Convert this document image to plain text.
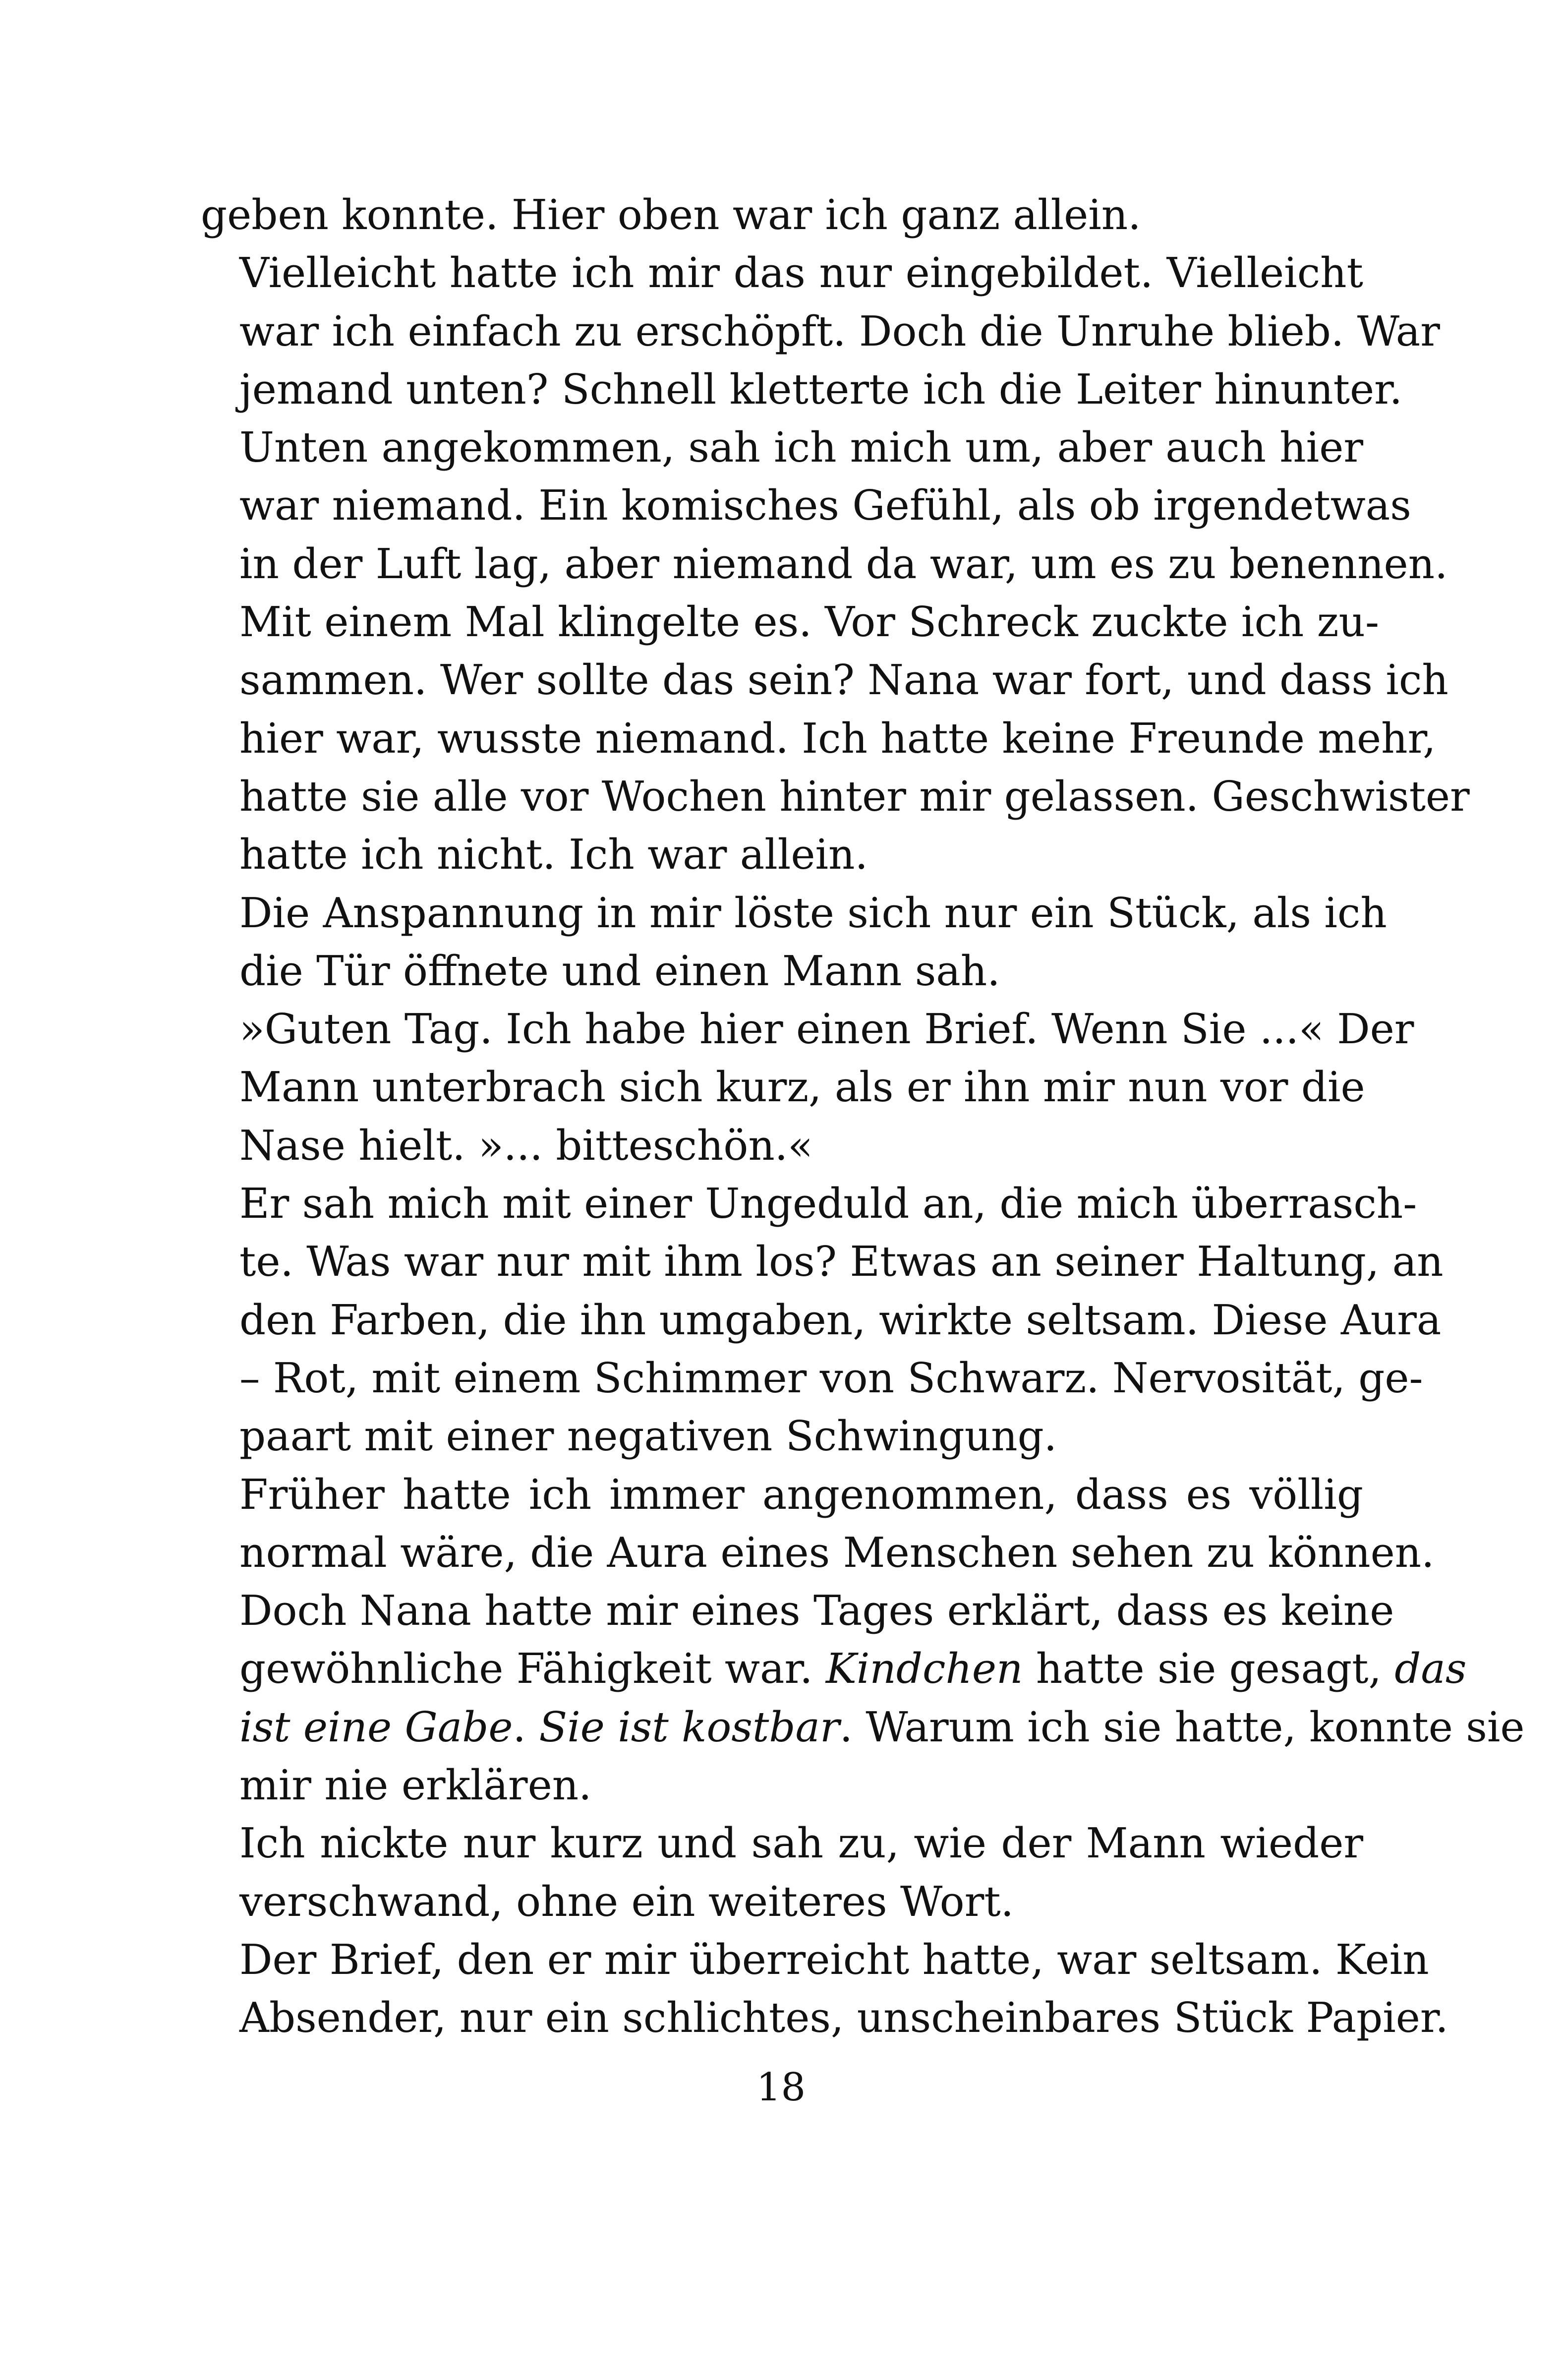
geben konnte. Hier oben war ich ganz allein.

Vielleicht hatte ich mir das nur eingebildet. Vielleicht
war ich einfach zu erschöpft. Doch die Unruhe blieb. War
jemand unten? Schnell kletterte ich die Leiter hinunter.

Unten angekommen, sah ich mich um, aber auch hier
war niemand. Ein komisches Gefühl, als ob irgendetwas
in der Luft lag, aber niemand da war, um es zu benennen.

Mit einem Mal klingelte es. Vor Schreck zuckte ich zu-
sammen. Wer sollte das sein? Nana war fort, und dass ich
hier war, wusste niemand. Ich hatte keine Freunde mehr,
hatte sie alle vor Wochen hinter mir gelassen. Geschwister
hatte ich nicht. Ich war allein.

Die Anspannung in mir löste sich nur ein Stück, als ich
die Tür öffnete und einen Mann sah.

»Guten Tag. Ich habe hier einen Brief. Wenn Sie ...« Der
Mann unterbrach sich kurz, als er ihn mir nun vor die
Nase hielt. »... bitteschön.«

Er sah mich mit einer Ungeduld an, die mich überrasch-
te. Was war nur mit ihm los? Etwas an seiner Haltung, an
den Farben, die ihn umgaben, wirkte seltsam. Diese Aura
– Rot, mit einem Schimmer von Schwarz. Nervosität, ge-
paart mit einer negativen Schwingung.

Früher hatte ich immer angenommen, dass es völlig
normal wäre, die Aura eines Menschen sehen zu können.
Doch Nana hatte mir eines Tages erklärt, dass es keine
gewöhnliche Fähigkeit war. Kindchen hatte sie gesagt, das
ist eine Gabe. Sie ist kostbar. Warum ich sie hatte, konnte sie
mir nie erklären.

Ich nickte nur kurz und sah zu, wie der Mann wieder
verschwand, ohne ein weiteres Wort.

Der Brief, den er mir überreicht hatte, war seltsam. Kein
Absender, nur ein schlichtes, unscheinbares Stück Papier.

18
